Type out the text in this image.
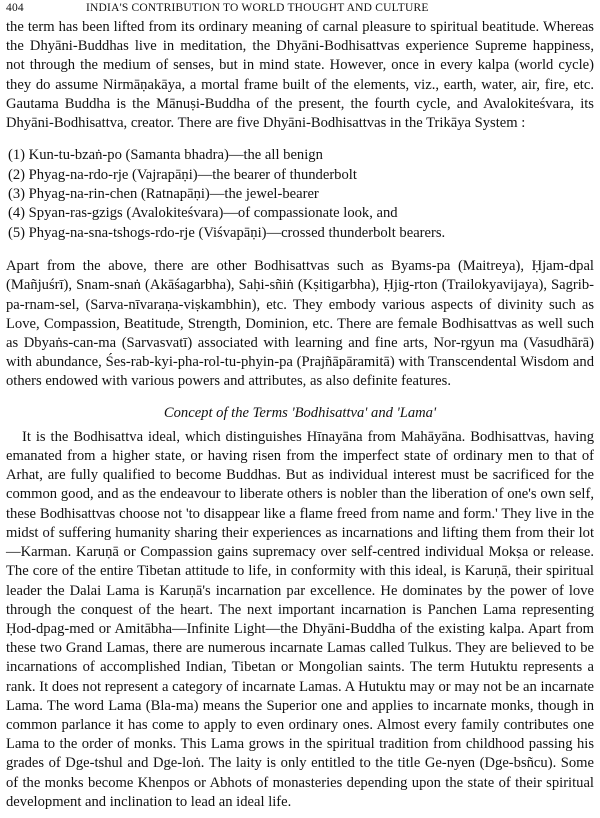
404	INDIA'S CONTRIBUTION TO WORLD THOUGHT AND CULTURE

the term has been lifted from its ordinary meaning of carnal pleasure to spiritual beatitude. Whereas the Dhyāni-Buddhas live in meditation, the Dhyāni-Bodhisattvas experience Supreme happiness, not through the medium of senses, but in mind state. However, once in every kalpa (world cycle) they do assume Nirmāṇakāya, a mortal frame built of the elements, viz., earth, water, air, fire, etc. Gautama Buddha is the Mānuṣi-Buddha of the present, the fourth cycle, and Avalokiteśvara, its Dhyāni-Bodhisattva, creator. There are five Dhyāni-Bodhisattvas in the Trikāya System :

(1) Kun-tu-bzaṅ-po (Samanta bhadra)—the all benign
(2) Phyag-na-rdo-rje (Vajrapāṇi)—the bearer of thunderbolt
(3) Phyag-na-rin-chen (Ratnapāṇi)—the jewel-bearer
(4) Spyan-ras-gzigs (Avalokiteśvara)—of compassionate look, and
(5) Phyag-na-sna-tshogs-rdo-rje (Viśvapāṇi)—crossed thunderbolt bearers.

Apart from the above, there are other Bodhisattvas such as Byams-pa (Maitreya), Ḥjam-dpal (Mañjuśrī), Snam-snaṅ (Akāśagarbha), Saḥi-sñiṅ (Kṣitigarbha), Ḥjig-rton (Trailokyavijaya), Sagrib-pa-rnam-sel, (Sarva-nīvaraṇa-viṣkambhin), etc. They embody various aspects of divinity such as Love, Compassion, Beatitude, Strength, Dominion, etc. There are female Bodhisattvas as well such as Dbyaṅs-can-ma (Sarvasvatī) associated with learning and fine arts, Nor-rgyun ma (Vasudhārā) with abundance, Śes-rab-kyi-pha-rol-tu-phyin-pa (Prajñāpāramitā) with Transcendental Wisdom and others endowed with various powers and attributes, as also definite features.

Concept of the Terms 'Bodhisattva' and 'Lama'

It is the Bodhisattva ideal, which distinguishes Hīnayāna from Mahāyāna. Bodhisattvas, having emanated from a higher state, or having risen from the imperfect state of ordinary men to that of Arhat, are fully qualified to become Buddhas. But as individual interest must be sacrificed for the common good, and as the endeavour to liberate others is nobler than the liberation of one's own self, these Bodhisattvas choose not 'to disappear like a flame freed from name and form.' They live in the midst of suffering humanity sharing their experiences as incarnations and lifting them from their lot—Karman. Karuṇā or Compassion gains supremacy over self-centred individual Mokṣa or release. The core of the entire Tibetan attitude to life, in conformity with this ideal, is Karuṇā, their spiritual leader the Dalai Lama is Karuṇā's incarnation par excellence. He dominates by the power of love through the conquest of the heart. The next important incarnation is Panchen Lama representing Ḥod-dpag-med or Amitābha—Infinite Light—the Dhyāni-Buddha of the existing kalpa. Apart from these two Grand Lamas, there are numerous incarnate Lamas called Tulkus. They are believed to be incarnations of accomplished Indian, Tibetan or Mongolian saints. The term Hutuktu represents a rank. It does not represent a category of incarnate Lamas. A Hutuktu may or may not be an incarnate Lama. The word Lama (Bla-ma) means the Superior one and applies to incarnate monks, though in common parlance it has come to apply to even ordinary ones. Almost every family contributes one Lama to the order of monks. This Lama grows in the spiritual tradition from childhood passing his grades of Dge-tshul and Dge-loṅ. The laity is only entitled to the title Ge-nyen (Dge-bsñcu). Some of the monks become Khenpos or Abhots of monasteries depending upon the state of their spiritual development and inclination to lead an ideal life.
